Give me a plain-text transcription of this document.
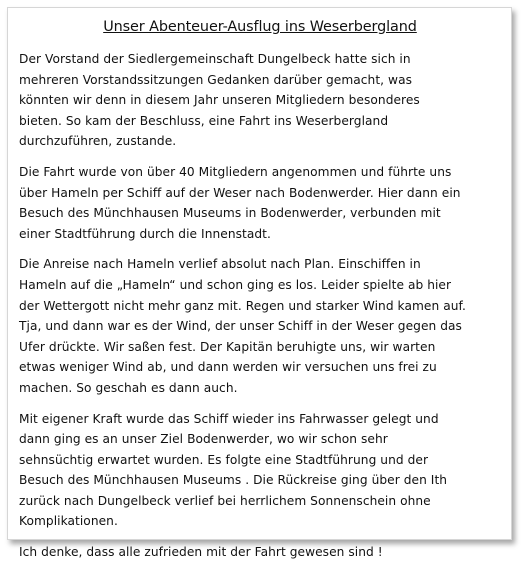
Unser Abenteuer-Ausflug ins Weserbergland
Der Vorstand der Siedlergemeinschaft Dungelbeck hatte sich in
mehreren Vorstandssitzungen Gedanken darüber gemacht, was
könnten wir denn in diesem Jahr unseren Mitgliedern besonderes
bieten. So kam der Beschluss, eine Fahrt ins Weserbergland
durchzuführen, zustande.
Die Fahrt wurde von über 40 Mitgliedern angenommen und führte uns
über Hameln per Schiff auf der Weser nach Bodenwerder. Hier dann ein
Besuch des Münchhausen Museums in Bodenwerder, verbunden mit
einer Stadtführung durch die Innenstadt.
Die Anreise nach Hameln verlief absolut nach Plan. Einschiffen in
Hameln auf die „Hameln“ und schon ging es los. Leider spielte ab hier
der Wettergott nicht mehr ganz mit. Regen und starker Wind kamen auf.
Tja, und dann war es der Wind, der unser Schiff in der Weser gegen das
Ufer drückte. Wir saßen fest. Der Kapitän beruhigte uns, wir warten
etwas weniger Wind ab, und dann werden wir versuchen uns frei zu
machen. So geschah es dann auch.
Mit eigener Kraft wurde das Schiff wieder ins Fahrwasser gelegt und
dann ging es an unser Ziel Bodenwerder, wo wir schon sehr
sehnsüchtig erwartet wurden. Es folgte eine Stadtführung und der
Besuch des Münchhausen Museums . Die Rückreise ging über den Ith
zurück nach Dungelbeck verlief bei herrlichem Sonnenschein ohne
Komplikationen.
Ich denke, dass alle zufrieden mit der Fahrt gewesen sind !
